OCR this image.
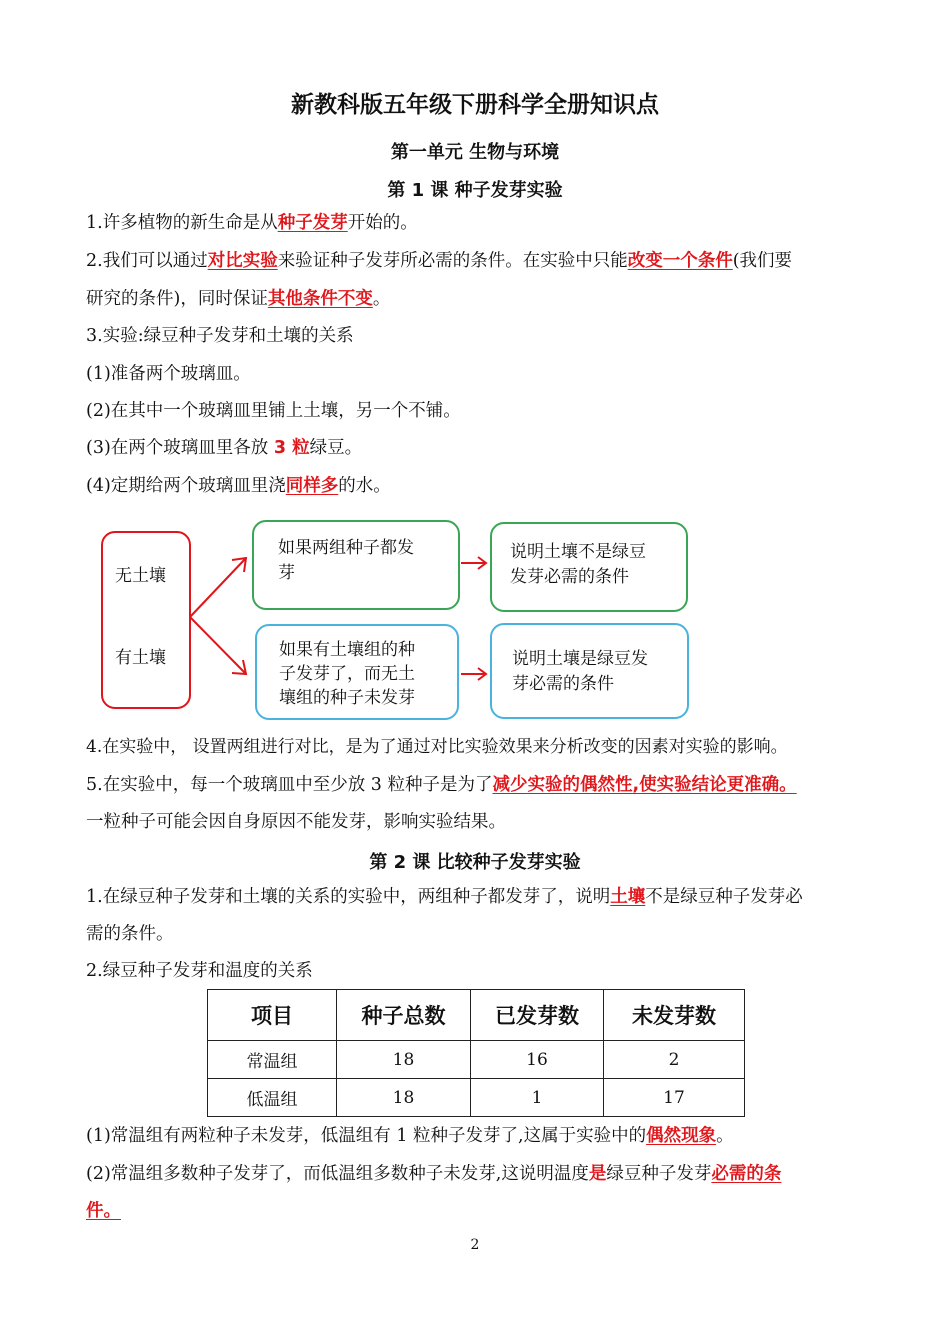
新教科版五年级下册科学全册知识点
第一单元 生物与环境
第 1 课 种子发芽实验
1.许多植物的新生命是从种子发芽开始的。
2.我们可以通过对比实验来验证种子发芽所必需的条件。在实验中只能改变一个条件(我们要
研究的条件)，同时保证其他条件不变。
3.实验:绿豆种子发芽和土壤的关系
(1)准备两个玻璃皿。
(2)在其中一个玻璃皿里铺上土壤，另一个不铺。
(3)在两个玻璃皿里各放 3 粒绿豆。
(4)定期给两个玻璃皿里浇同样多的水。
无土壤
有土壤
如果两组种子都发
芽
如果有土壤组的种
子发芽了，而无土
壤组的种子未发芽
说明土壤不是绿豆
发芽必需的条件
说明土壤是绿豆发
芽必需的条件
4.在实验中， 设置两组进行对比，是为了通过对比实验效果来分析改变的因素对实验的影响。
5.在实验中，每一个玻璃皿中至少放 3 粒种子是为了减少实验的偶然性,使实验结论更准确。
一粒种子可能会因自身原因不能发芽，影响实验结果。
第 2 课 比较种子发芽实验
1.在绿豆种子发芽和土壤的关系的实验中，两组种子都发芽了，说明土壤不是绿豆种子发芽必
需的条件。
2.绿豆种子发芽和温度的关系
项目	种子总数	已发芽数	未发芽数
常温组	18	16	2
低温组	18	1	17
(1)常温组有两粒种子未发芽，低温组有 1 粒种子发芽了,这属于实验中的偶然现象。
(2)常温组多数种子发芽了，而低温组多数种子未发芽,这说明温度是绿豆种子发芽必需的条
件。
2
